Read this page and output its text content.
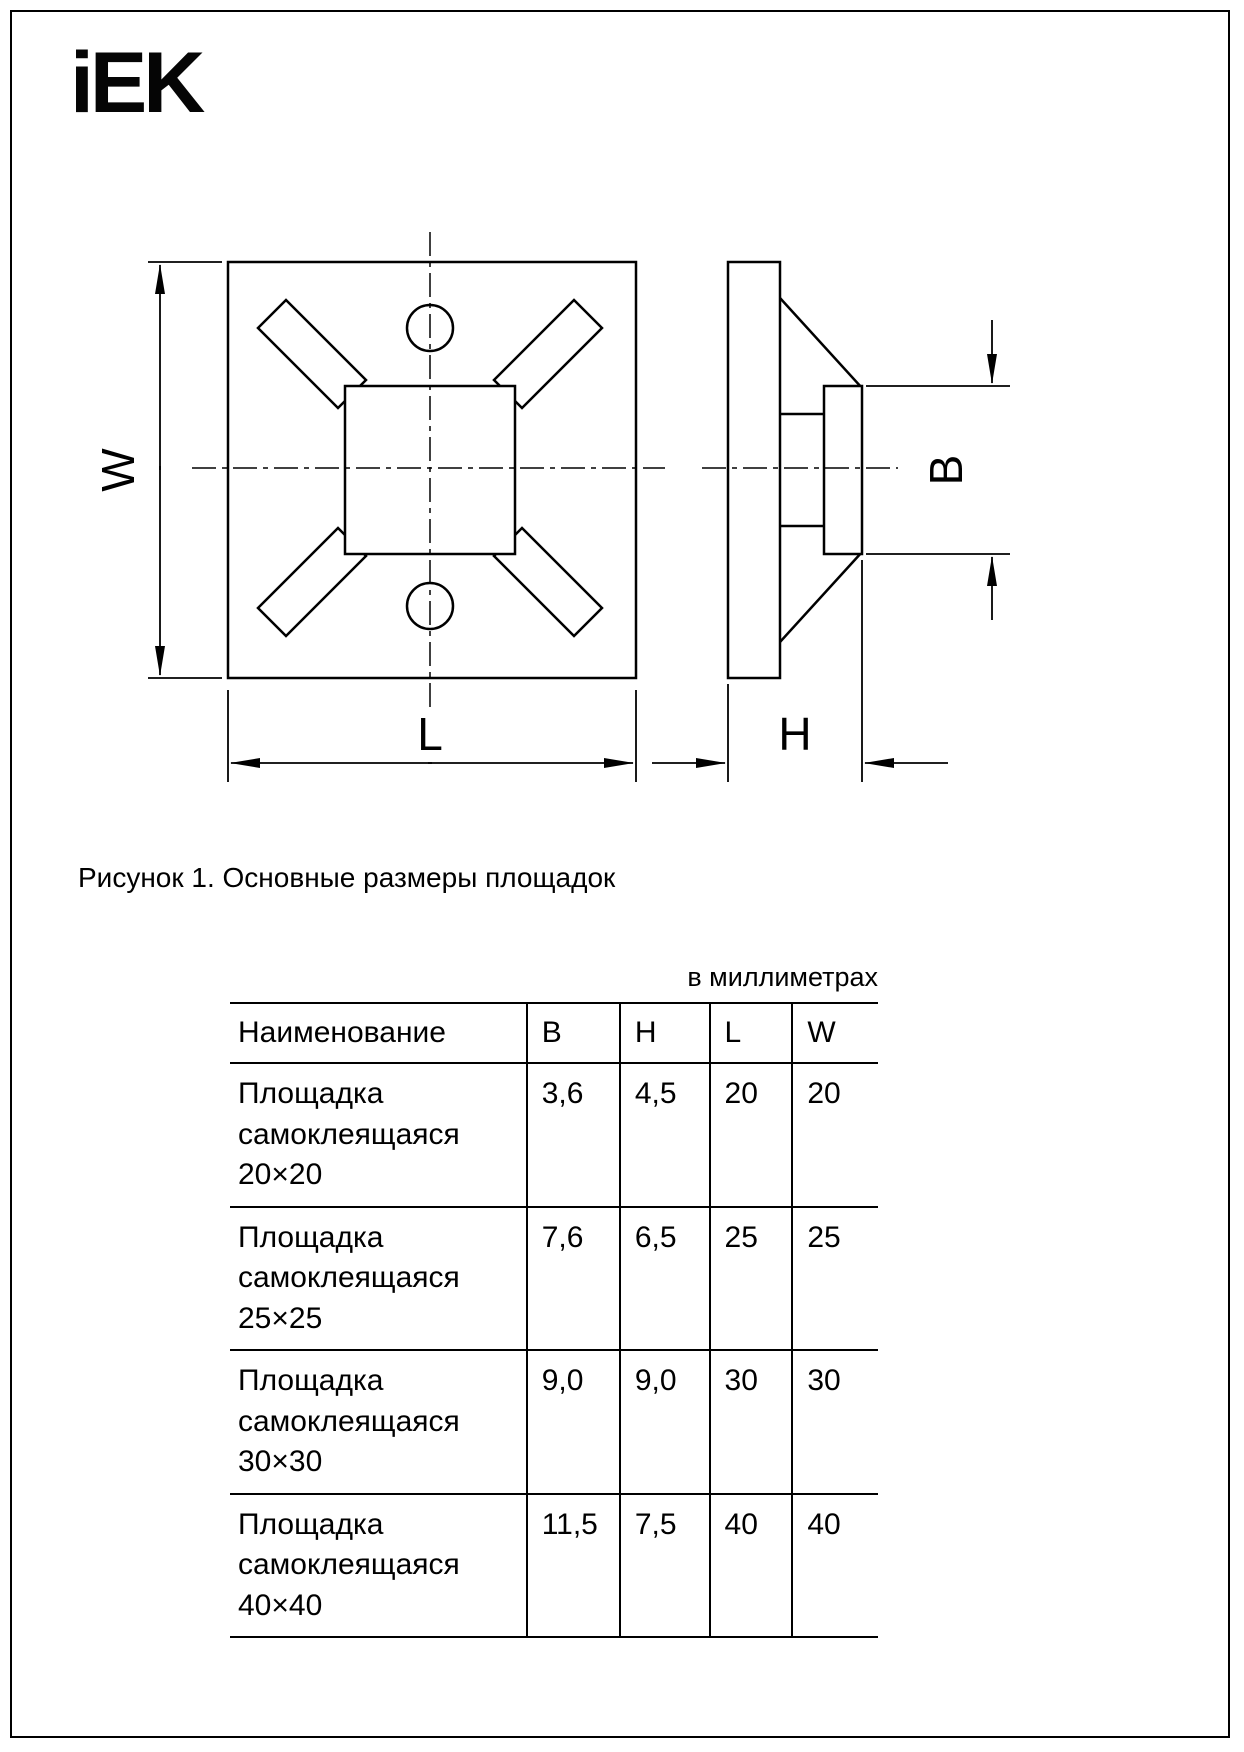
iEK
W
L
B
H
Рисунок 1. Основные размеры площадок
в миллиметрах
Наименование	B	H	L	W
Площадка самоклеящаяся
20×20	3,6	4,5	20	20
Площадка самоклеящаяся
25×25	7,6	6,5	25	25
Площадка самоклеящаяся
30×30	9,0	9,0	30	30
Площадка самоклеящаяся
40×40	11,5	7,5	40	40
